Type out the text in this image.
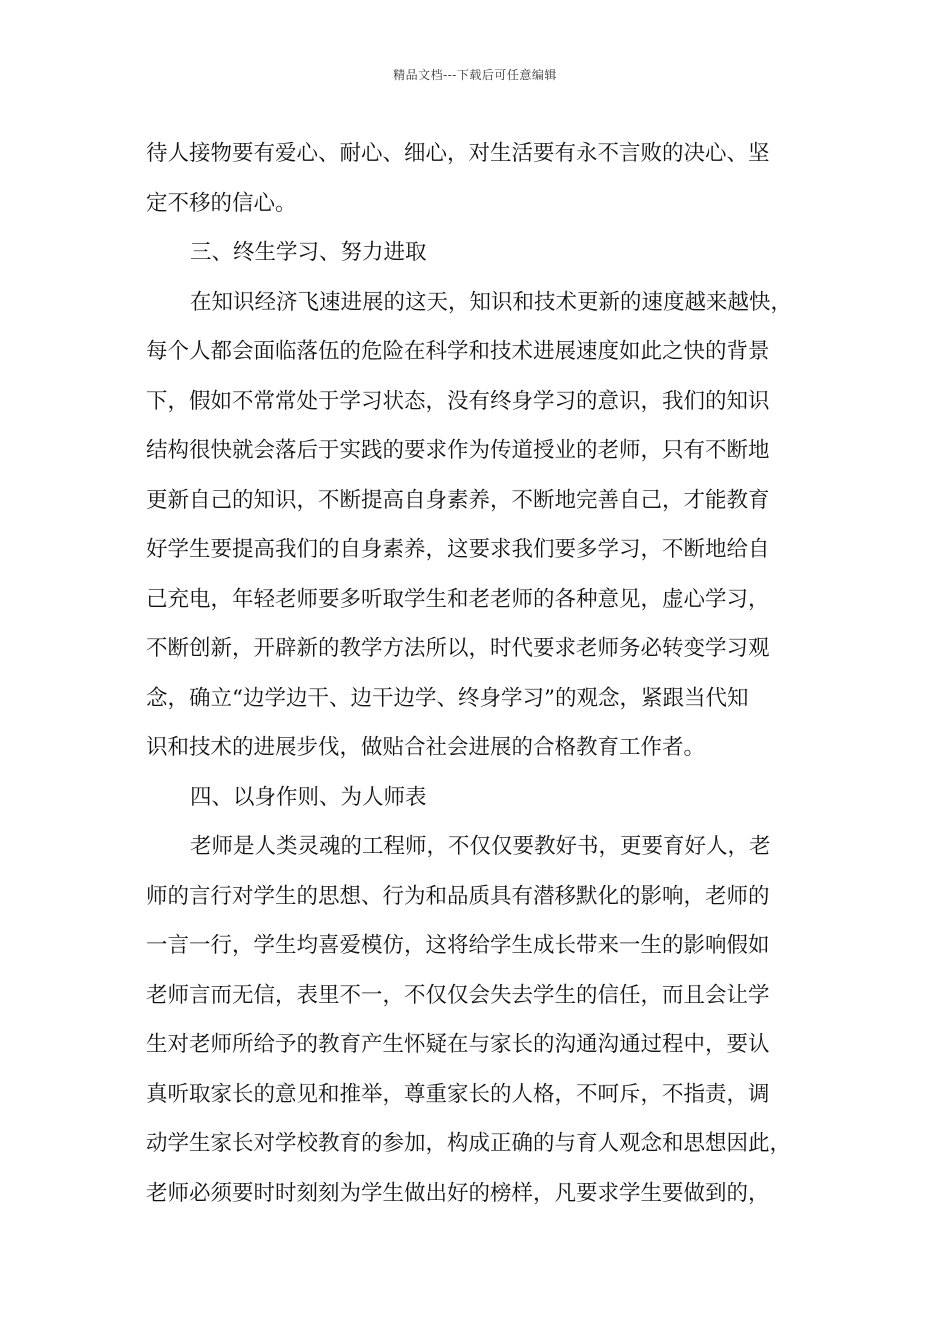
精品文档---下载后可任意编辑
待人接物要有爱心、耐心、细心，对生活要有永不言败的决心、坚
定不移的信心。
三、终生学习、努力进取
在知识经济飞速进展的这天，知识和技术更新的速度越来越快，
每个人都会面临落伍的危险在科学和技术进展速度如此之快的背景
下，假如不常常处于学习状态，没有终身学习的意识，我们的知识
结构很快就会落后于实践的要求作为传道授业的老师，只有不断地
更新自己的知识，不断提高自身素养，不断地完善自己，才能教育
好学生要提高我们的自身素养，这要求我们要多学习，不断地给自
己充电，年轻老师要多听取学生和老老师的各种意见，虚心学习，
不断创新，开辟新的教学方法所以，时代要求老师务必转变学习观
念，确立“边学边干、边干边学、终身学习”的观念，紧跟当代知
识和技术的进展步伐，做贴合社会进展的合格教育工作者。
四、以身作则、为人师表
老师是人类灵魂的工程师，不仅仅要教好书，更要育好人，老
师的言行对学生的思想、行为和品质具有潜移默化的影响，老师的
一言一行，学生均喜爱模仿，这将给学生成长带来一生的影响假如
老师言而无信，表里不一，不仅仅会失去学生的信任，而且会让学
生对老师所给予的教育产生怀疑在与家长的沟通沟通过程中，要认
真听取家长的意见和推举，尊重家长的人格，不呵斥，不指责，调
动学生家长对学校教育的参加，构成正确的与育人观念和思想因此，
老师必须要时时刻刻为学生做出好的榜样，凡要求学生要做到的，
